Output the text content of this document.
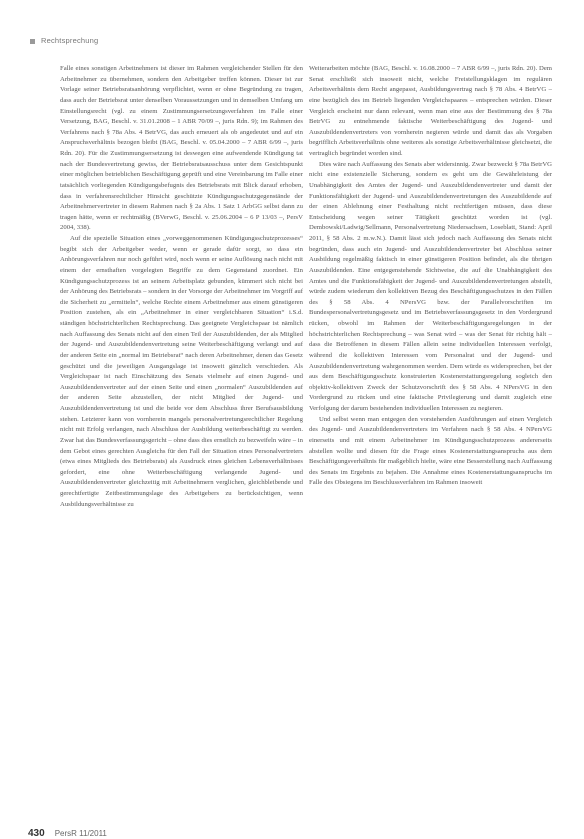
Rechtsprechung

Falle eines sonstigen Arbeitnehmers ist dieser im Rahmen vergleichender Stellen für den Arbeitnehmer zu übernehmen, sondern den Arbeitgeber treffen können. Dieser ist zur Vorlage seiner Betriebsratsanhörung verpflichtet, wenn er ohne Begründung zu tragen, dass auch der Betriebsrat unter denselben Voraussetzungen und in demselben Umfang um Einstellungsrecht (vgl. zu einem Zustimmungsersetzungsverfahren im Falle einer Versetzung, BAG, Beschl. v. 31.01.2008 – 1 ABR 70/09 –, juris Rdn. 9); im Rahmen des Verfahrens nach § 78a Abs. 4 BetrVG, das auch erneuert als ob angedeutet und auf ein Anspruchsverhältnis bezogen bleibt (BAG, Beschl. v. 05.04.2000 – 7 ABR 6/99 –, juris Rdn. 20). Für die Zustimmungsersetzung ist deswegen eine aufwendende Kündigung tat nach der Bundesvertretung gewiss, der Betriebsratsausschuss unter dem Gesichtspunkt einer möglichen betrieblichen Beschäftigung geprüft und eine Vereinbarung im Falle einer tatsächlich vorliegenden Kündigungsbefugnis des Betriebsrats mit Blick darauf erhoben, dass in verfahrensrechtlicher Hinsicht geschützte Kündigungsschutzgegenstände der Arbeitnehmervertreter in diesem Rahmen nach § 2a Abs. 1 Satz 1 ArbGG selbst dann zu tragen hätte, wenn er rechtmäßig (BVerwG, Beschl. v. 25.06.2004 – 6 P 13/03 –, PersV 2004, 338).

Auf die spezielle Situation eines „vorweggenommenen Kündigungsschutzprozesses“ begibt sich der Arbeitgeber weder, wenn er gerade dafür sorgt, so dass ein Anhörungsverfahren nur noch geführt wird, noch wenn er seine Auflösung nach nicht mit einem der ernsthaften vorgelegten Begriffe zu dem Gegenstand zuordnet. Ein Kündigungsschutzprozess ist an seinem Arbeitsplatz gebunden, kümmert sich nicht bei der Anhörung des Betriebsrats – sondern in der Vorsorge der Arbeitnehmer im Vorgriff auf die Sicherheit zu „ermitteln“, welche Rechte einem Arbeitnehmer aus einem günstigeren Position zustehen, als ein „Arbeitnehmer in einer vergleichbaren Situation“ i.S.d. ständigen höchstrichterlichen Rechtsprechung. Das geeignete Vergleichspaar ist nämlich nach Auffassung des Senats nicht auf den einen Teil der Auszubildenden, der als Mitglied der Jugend- und Auszubildendenvertretung seine Weiterbeschäftigung verlangt und auf der anderen Seite ein „normal im Betriebsrat“ nach deren Arbeitnehmer, denen das Gesetz geschützt und die jeweiligen Ausgangslage ist insoweit gänzlich verschieden. Als Vergleichspaar ist nach Einschätzung des Senats vielmehr auf einen Jugend- und Auszubildendenvertreter auf der einen Seite und einen „normalen“ Auszubildenden auf der anderen Seite abzustellen, der nicht Mitglied der Jugend- und Auszubildendenvertretung ist und die beide vor dem Abschluss ihrer Berufsausbildung stehen. Letzterer kann von vornherein mangels personalvertretungsrechtlicher Regelung nicht mit Erfolg verlangen, nach Abschluss der Ausbildung weiterbeschäftigt zu werden. Zwar hat das Bundesverfassungsgericht – ohne dass dies ernstlich zu bezweifeln wäre – in dem Gebot eines gerechten Ausgleichs für den Fall der Situation eines Personalvertreters (etwa eines Mitglieds des Betriebsrats) als Ausdruck eines gleichen Lebensverhältnisses gefordert, eine ohne Weiterbeschäftigung verlangende Jugend- und Auszubildendenvertreter gleichzeitig mit Arbeitnehmern verglichen, gleichbleibende und gerechtfertigte Zeitbestimmungslage des Arbeitgebers zu berücksichtigen, wenn Ausbildungsverhältnisse zu

Weiterarbeiten möchte (BAG, Beschl. v. 16.08.2000 – 7 ABR 6/99 –, juris Rdn. 20). Dem Senat erschließt sich insoweit nicht, welche Freistellungsklagen im regulären Arbeitsverhältnis dem Recht angepasst, Ausbildungsvertrag nach § 78 Abs. 4 BetrVG – eine bezüglich des im Betrieb liegenden Vergleichspaares – entsprechen würden. Dieser Vergleich erscheint nur dann relevant, wenn man eine aus der Bestimmung des § 78a BetrVG zu entnehmende faktische Weiterbeschäftigung des Jugend- und Auszubildendenvertreters von vornherein negieren würde und damit das als Vorgaben begrifflich Arbeitsverhältnis ohne weiteres als sonstige Arbeitsverhältnisse gleichsetzt, die vertraglich begründet worden sind.

Dies wäre nach Auffassung des Senats aber widersinnig. Zwar bezweckt § 78a BetrVG nicht eine existenzielle Sicherung, sondern es geht um die Gewährleistung der Unabhängigkeit des Amtes der Jugend- und Auszubildendenvertreter und damit der Funktionsfähigkeit der Jugend- und Auszubildendenvertretungen des Auszubildende auf der einen Ablehnung einer Festhaltung nicht rechtfertigen müssen, dass diese Entscheidung wegen seiner Tätigkeit geschützt worden ist (vgl. Dembowski/Ladwig/Sellmann, Personalvertretung Niedersachsen, Loseblatt, Stand: April 2011, § 58 Abs. 2 m.w.N.). Damit lässt sich jedoch nach Auffassung des Senats nicht begründen, dass auch ein Jugend- und Auszubildendenvertreter bei Abschluss seiner Ausbildung regelmäßig faktisch in einer günstigeren Position befindet, als die übrigen Auszubildenden. Eine entgegenstehende Sichtweise, die auf die Unabhängigkeit des Amtes und die Funktionsfähigkeit der Jugend- und Auszubildendenvertretungen abstellt, würde zudem wiederum den kollektiven Bezug des Beschäftigungsschutzes in den Fällen des § 58 Abs. 4 NPersVG bzw. der Parallelvorschriften im Bundespersonalvertretungsgesetz und im Betriebsverfassungsgesetz in den Vordergrund rücken, obwohl im Rahmen der Weiterbeschäftigungsregelungen in der höchstrichterlichen Rechtsprechung – was Senat wird – was der Senat für richtig hält – dass die Betroffenen in diesem Fällen allein seine individuellen Interessen verfolgt, während die kollektiven Interessen vom Personalrat und der Jugend- und Auszubildendenvertretung wahrgenommen werden. Dem würde es widersprechen, bei der aus dem Beschäftigungsschutz konstruierten Kostenerstattungsregelung sogleich den objektiv-kollektiven Zweck der Schutzvorschrift des § 58 Abs. 4 NPersVG in den Vordergrund zu rücken und eine faktische Privilegierung und damit zugleich eine Verfolgung der darum bestehenden individuellen Interessen zu negieren.

Und selbst wenn man entgegen den vorstehenden Ausführungen auf einen Vergleich des Jugend- und Auszubildendenvertreters im Verfahren nach § 58 Abs. 4 NPersVG einerseits und mit einem Arbeitnehmer im Kündigungsschutzprozess andererseits abstellen wollte und diesen für die Frage eines Kostenerstattungsanspruchs aus dem Beschäftigungsverhältnis für maßgeblich hielte, wäre eine Besserstellung nach Auffassung des Senats im Ergebnis zu bejahen. Die Annahme eines Kostenerstattungsanspruchs im Falle des Obsiegens im Beschlussverfahren im Rahmen insoweit

430 PersR 11/2011
